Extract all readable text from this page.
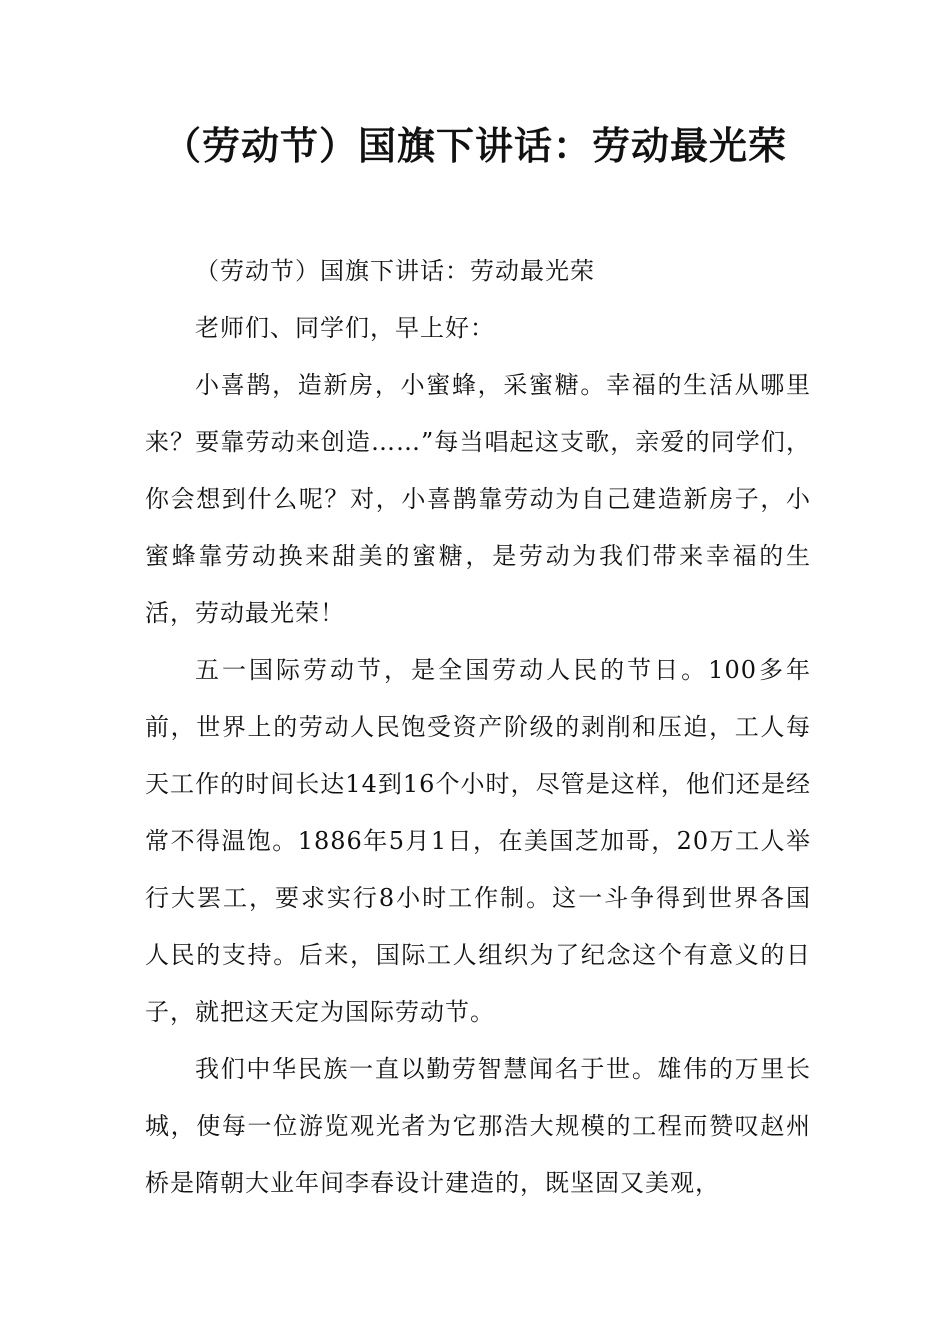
（劳动节）国旗下讲话：劳动最光荣

（劳动节）国旗下讲话：劳动最光荣

老师们、同学们，早上好：

小喜鹊，造新房，小蜜蜂，采蜜糖。幸福的生活从哪里来？要靠劳动来创造……”每当唱起这支歌，亲爱的同学们，你会想到什么呢？对，小喜鹊靠劳动为自己建造新房子，小蜜蜂靠劳动换来甜美的蜜糖，是劳动为我们带来幸福的生活，劳动最光荣！

五一国际劳动节，是全国劳动人民的节日。100多年前，世界上的劳动人民饱受资产阶级的剥削和压迫，工人每天工作的时间长达14到16个小时，尽管是这样，他们还是经常不得温饱。1886年5月1日，在美国芝加哥，20万工人举行大罢工，要求实行8小时工作制。这一斗争得到世界各国人民的支持。后来，国际工人组织为了纪念这个有意义的日子，就把这天定为国际劳动节。

我们中华民族一直以勤劳智慧闻名于世。雄伟的万里长城，使每一位游览观光者为它那浩大规模的工程而赞叹赵州桥是隋朝大业年间李春设计建造的，既坚固又美观，
